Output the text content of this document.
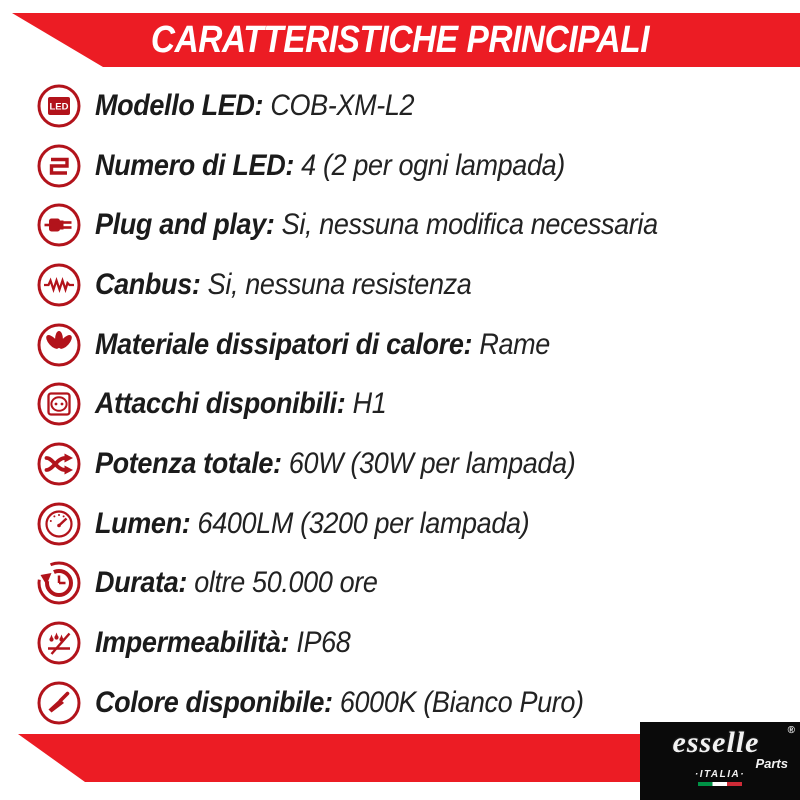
CARATTERISTICHE PRINCIPALI
LED Modello LED: COB-XM-L2
Numero di LED: 4 (2 per ogni lampada)
Plug and play: Si, nessuna modifica necessaria
Canbus: Si, nessuna resistenza
Materiale dissipatori di calore: Rame
Attacchi disponibili: H1
Potenza totale: 60W (30W per lampada)
Lumen: 6400LM (3200 per lampada)
Durata: oltre 50.000 ore
Impermeabilità: IP68
Colore disponibile: 6000K (Bianco Puro)
esselle	®
Parts
·ITALIA·
